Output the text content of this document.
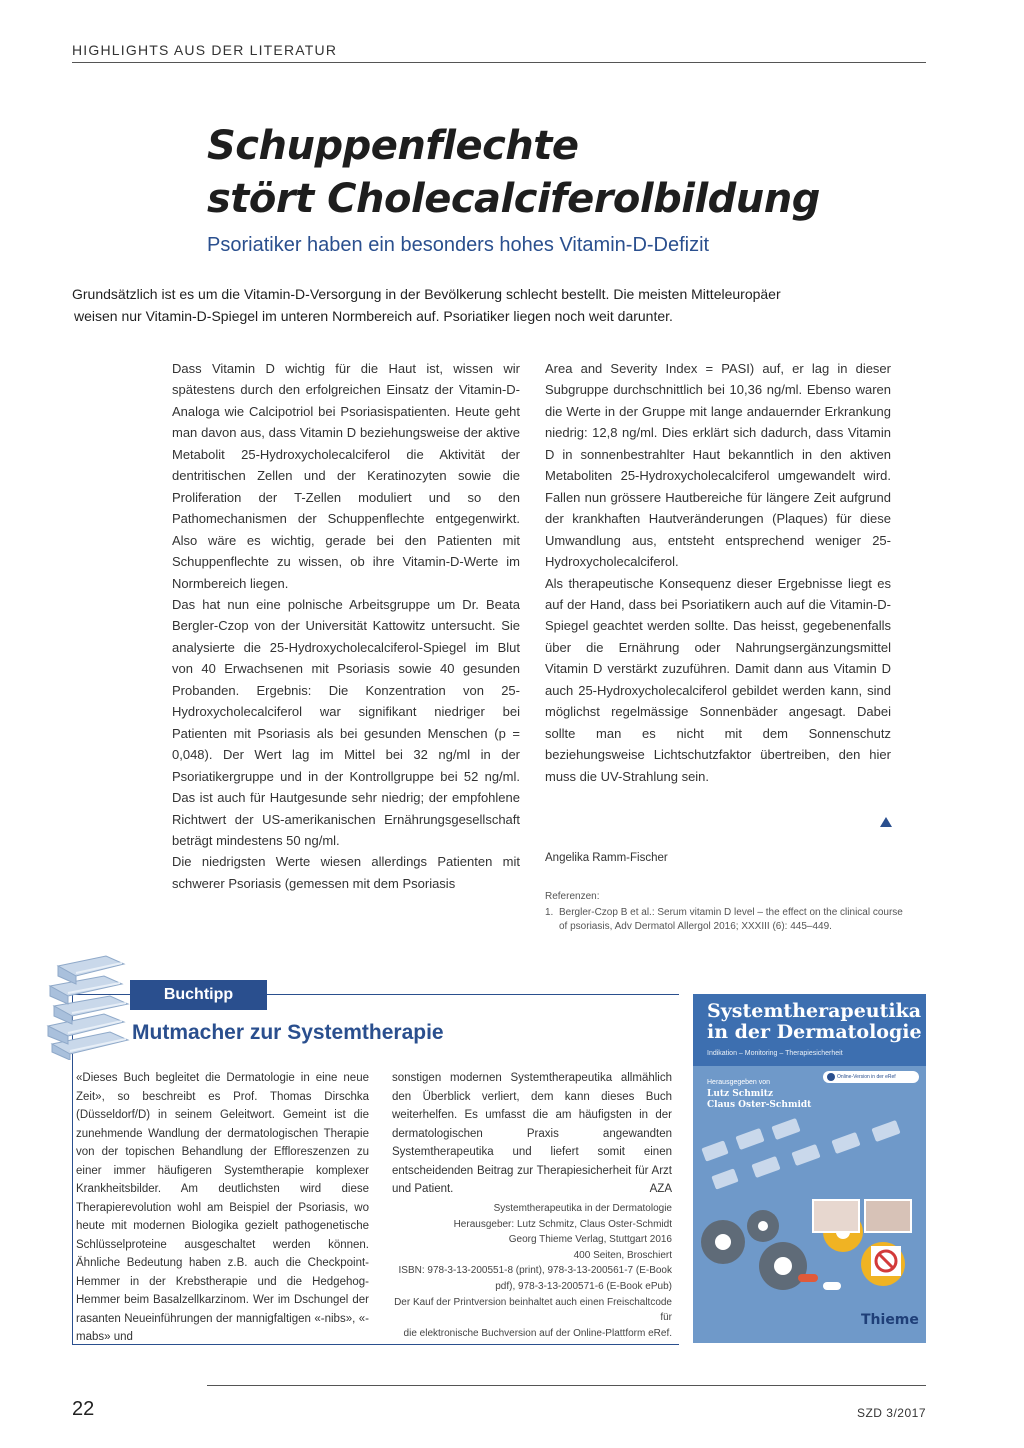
HIGHLIGHTS AUS DER LITERATUR
Schuppenflechte
stört Cholecalciferolbildung
Psoriatiker haben ein besonders hohes Vitamin-D-Defizit
Grundsätzlich ist es um die Vitamin-D-Versorgung in der Bevölkerung schlecht bestellt. Die meisten Mitteleuropäer
weisen nur Vitamin-D-Spiegel im unteren Normbereich auf. Psoriatiker liegen noch weit darunter.

Dass Vitamin D wichtig für die Haut ist, wissen wir spätestens durch den erfolgreichen Einsatz der Vitamin-D-Analoga wie Calcipotriol bei Psoriasispatienten. Heute geht man davon aus, dass Vitamin D beziehungsweise der aktive Metabolit 25-Hydroxycholecalciferol die Aktivität der dentritischen Zellen und der Keratinozyten sowie die Proliferation der T-Zellen moduliert und so den Pathomechanismen der Schuppenflechte entgegenwirkt. Also wäre es wichtig, gerade bei den Patienten mit Schuppenflechte zu wissen, ob ihre Vitamin-D-Werte im Normbereich liegen.

Das hat nun eine polnische Arbeitsgruppe um Dr. Beata Bergler-Czop von der Universität Kattowitz untersucht. Sie analysierte die 25-Hydroxycholecalciferol-Spiegel im Blut von 40 Erwachsenen mit Psoriasis sowie 40 gesunden Probanden. Ergebnis: Die Konzentration von 25-Hydroxycholecalciferol war signifikant niedriger bei Patienten mit Psoriasis als bei gesunden Menschen (p = 0,048). Der Wert lag im Mittel bei 32 ng/ml in der Psoriatikergruppe und in der Kontrollgruppe bei 52 ng/ml. Das ist auch für Hautgesunde sehr niedrig; der empfohlene Richtwert der US-amerikanischen Ernährungsgesellschaft beträgt mindestens 50 ng/ml.

Die niedrigsten Werte wiesen allerdings Patienten mit schwerer Psoriasis (gemessen mit dem Psoriasis

Area and Severity Index = PASI) auf, er lag in dieser Subgruppe durchschnittlich bei 10,36 ng/ml. Ebenso waren die Werte in der Gruppe mit lange andauernder Erkrankung niedrig: 12,8 ng/ml. Dies erklärt sich dadurch, dass Vitamin D in sonnenbestrahlter Haut bekanntlich in den aktiven Metaboliten 25-Hydroxycholecalciferol umgewandelt wird. Fallen nun grössere Hautbereiche für längere Zeit aufgrund der krankhaften Hautveränderungen (Plaques) für diese Umwandlung aus, entsteht entsprechend weniger 25-Hydroxycholecalciferol.

Als therapeutische Konsequenz dieser Ergebnisse liegt es auf der Hand, dass bei Psoriatikern auch auf die Vitamin-D-Spiegel geachtet werden sollte. Das heisst, gegebenenfalls über die Ernährung oder Nahrungsergänzungsmittel Vitamin D verstärkt zuzuführen. Damit dann aus Vitamin D auch 25-Hydroxycholecalciferol gebildet werden kann, sind möglichst regelmässige Sonnenbäder angesagt. Dabei sollte man es nicht mit dem Sonnenschutz beziehungsweise Lichtschutzfaktor übertreiben, den hier muss die UV-Strahlung sein.

Angelika Ramm-Fischer
Referenzen:
1. Bergler-Czop B et al.: Serum vitamin D level – the effect on the clinical course of psoriasis, Adv Dermatol Allergol 2016; XXXIII (6): 445–449.
Buchtipp
Mutmacher zur Systemtherapie
«Dieses Buch begleitet die Dermatologie in eine neue Zeit», so beschreibt es Prof. Thomas Dirschka (Düsseldorf/D) in seinem Geleitwort. Gemeint ist die zunehmende Wandlung der dermatologischen Therapie von der topischen Behandlung der Effloreszenzen zu einer immer häufigeren Systemtherapie komplexer Krankheitsbilder. Am deutlichsten wird diese Therapierevolution wohl am Beispiel der Psoriasis, wo heute mit modernen Biologika gezielt pathogenetische Schlüsselproteine ausgeschaltet werden können. Ähnliche Bedeutung haben z.B. auch die Checkpoint-Hemmer in der Krebstherapie und die Hedgehog-Hemmer beim Basalzellkarzinom. Wer im Dschungel der rasanten Neueinführungen der mannigfaltigen «-nibs», «-mabs» und
sonstigen modernen Systemtherapeutika allmählich den Überblick verliert, dem kann dieses Buch weiterhelfen. Es umfasst die am häufigsten in der dermatologischen Praxis angewandten Systemtherapeutika und liefert somit einen entscheidenden Beitrag zur Therapiesicherheit für Arzt und Patient.	AZA
Systemtherapeutika in der Dermatologie
Herausgeber: Lutz Schmitz, Claus Oster-Schmidt
Georg Thieme Verlag, Stuttgart 2016
400 Seiten, Broschiert
ISBN: 978-3-13-200551-8 (print), 978-3-13-200561-7 (E-Book
pdf), 978-3-13-200571-6 (E-Book ePub)
Der Kauf der Printversion beinhaltet auch einen Freischaltcode für
die elektronische Buchversion auf der Online-Plattform eRef.
Systemtherapeutika
in der Dermatologie
Indikation – Monitoring – Therapiesicherheit
Herausgegeben von
Lutz Schmitz
Claus Oster-Schmidt
Online-Version in der eRef
Thieme
22	SZD 3/2017
